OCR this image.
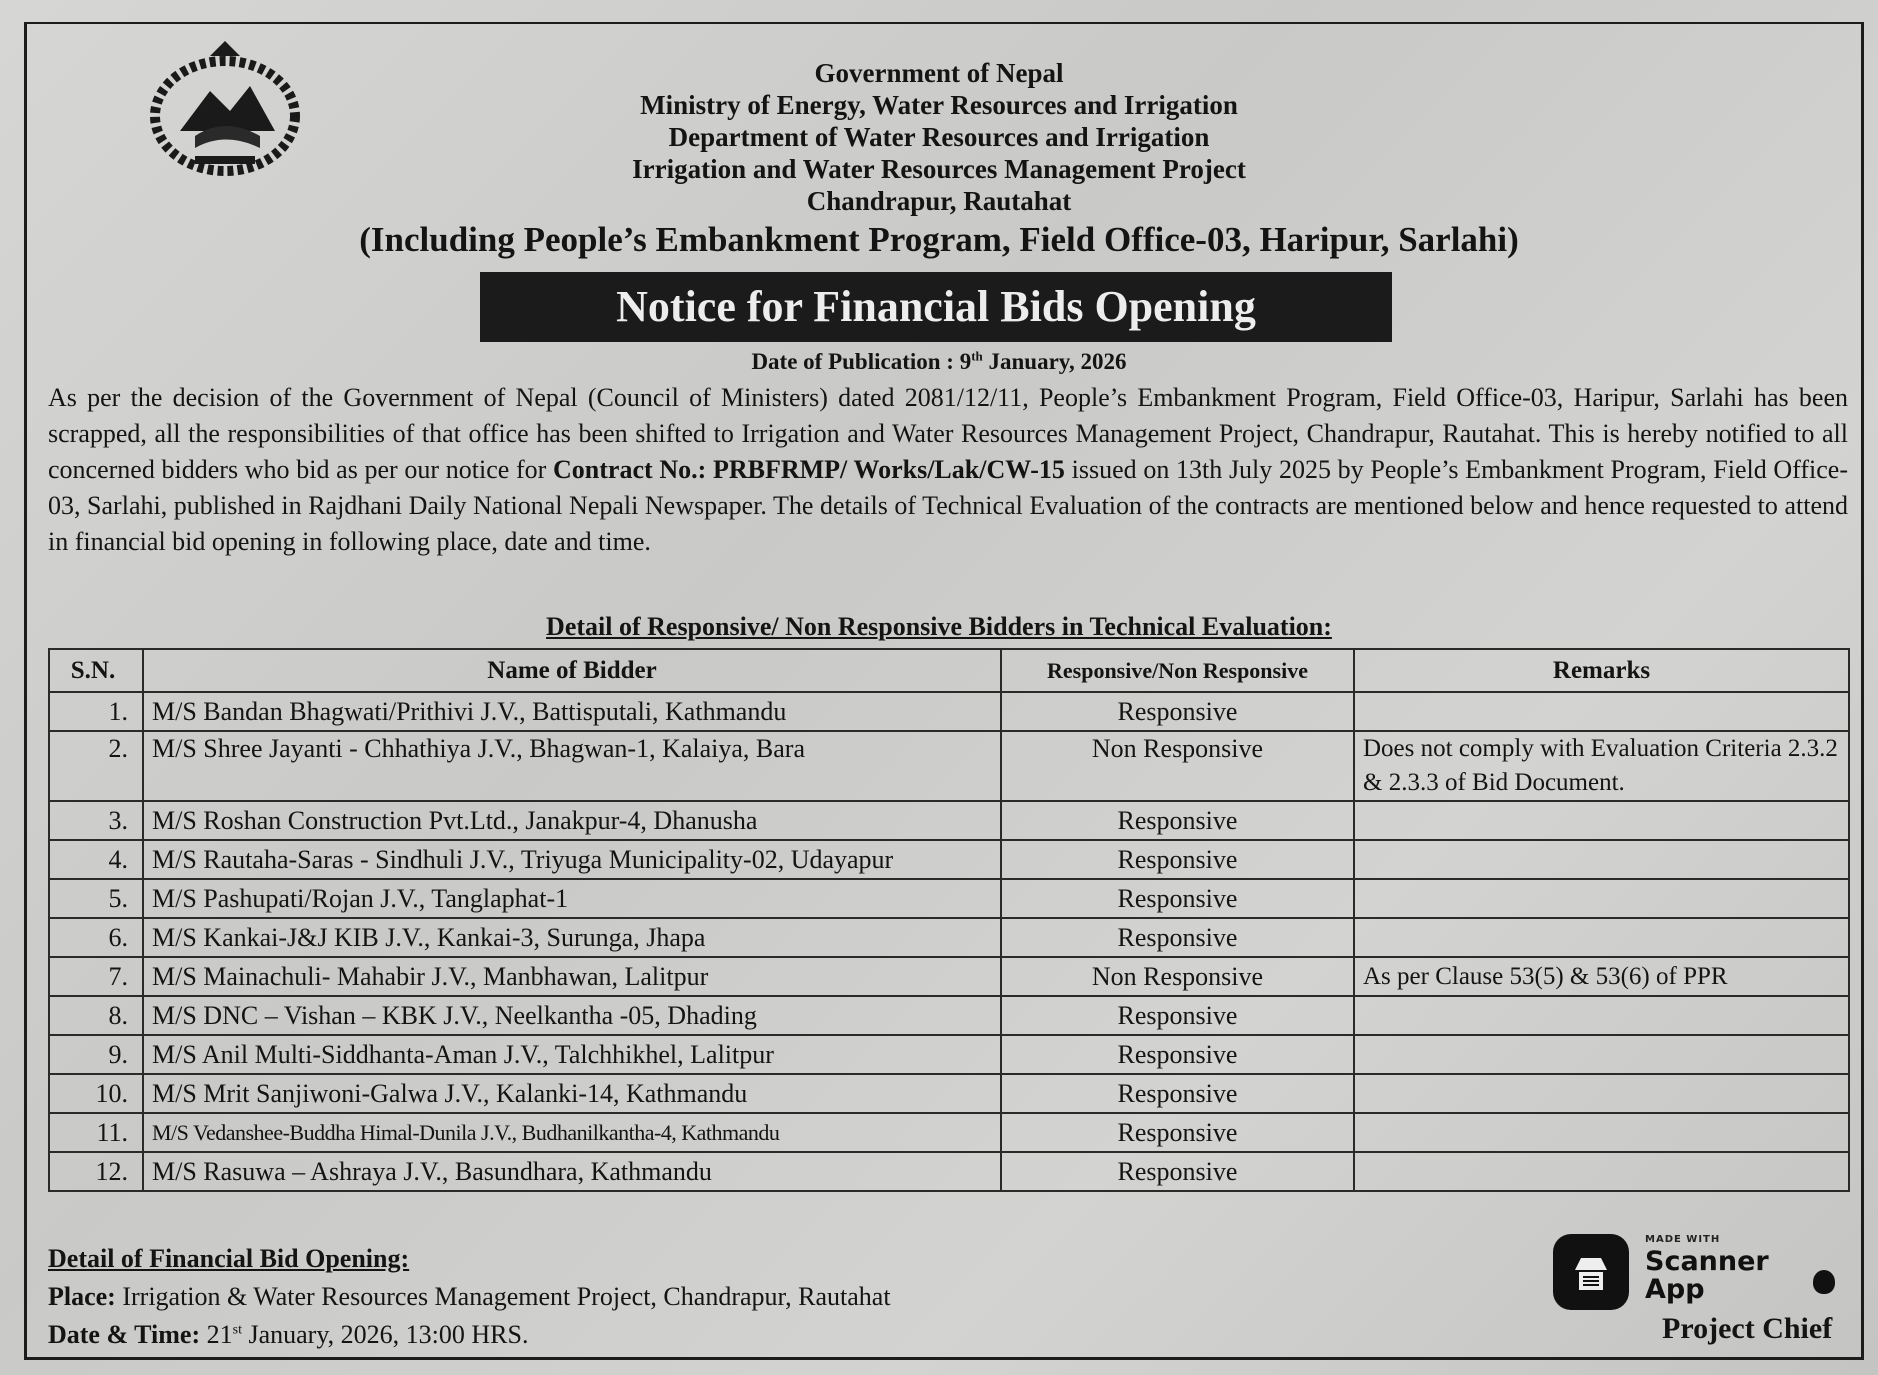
Government of Nepal
Ministry of Energy, Water Resources and Irrigation
Department of Water Resources and Irrigation
Irrigation and Water Resources Management Project
Chandrapur, Rautahat
(Including People’s Embankment Program, Field Office-03, Haripur, Sarlahi)
Notice for Financial Bids Opening
Date of Publication : 9th January, 2026
As per the decision of the Government of Nepal (Council of Ministers) dated 2081/12/11, People’s Embankment Program, Field Office-03, Haripur, Sarlahi has been scrapped, all the responsibilities of that office has been shifted to Irrigation and Water Resources Management Project, Chandrapur, Rautahat. This is hereby notified to all concerned bidders who bid as per our notice for Contract No.: PRBFRMP/ Works/Lak/CW-15 issued on 13th July 2025 by People’s Embankment Program, Field Office-03, Sarlahi, published in Rajdhani Daily National Nepali Newspaper. The details of Technical Evaluation of the contracts are mentioned below and hence requested to attend in financial bid opening in following place, date and time.
Detail of Responsive/ Non Responsive Bidders in Technical Evaluation:
S.N.	Name of Bidder	Responsive/Non Responsive	Remarks
1.	M/S Bandan Bhagwati/Prithivi J.V., Battisputali, Kathmandu	Responsive	
2.	M/S Shree Jayanti - Chhathiya J.V., Bhagwan-1, Kalaiya, Bara	Non Responsive	Does not comply with Evaluation Criteria 2.3.2 & 2.3.3 of Bid Document.
3.	M/S Roshan Construction Pvt.Ltd., Janakpur-4, Dhanusha	Responsive	
4.	M/S Rautaha-Saras - Sindhuli J.V., Triyuga Municipality-02, Udayapur	Responsive	
5.	M/S Pashupati/Rojan J.V., Tanglaphat-1	Responsive	
6.	M/S Kankai-J&J KIB J.V., Kankai-3, Surunga, Jhapa	Responsive	
7.	M/S Mainachuli- Mahabir J.V., Manbhawan, Lalitpur	Non Responsive	As per Clause 53(5) & 53(6) of PPR
8.	M/S DNC – Vishan – KBK J.V., Neelkantha -05, Dhading	Responsive	
9.	M/S Anil Multi-Siddhanta-Aman J.V., Talchhikhel, Lalitpur	Responsive	
10.	M/S Mrit Sanjiwoni-Galwa J.V., Kalanki-14, Kathmandu	Responsive	
11.	M/S Vedanshee-Buddha Himal-Dunila J.V., Budhanilkantha-4, Kathmandu	Responsive	
12.	M/S Rasuwa – Ashraya J.V., Basundhara, Kathmandu	Responsive	
Detail of Financial Bid Opening:
Place: Irrigation & Water Resources Management Project, Chandrapur, Rautahat
Date & Time: 21st January, 2026, 13:00 HRS.
MADE WITH
Scanner App
Project Chief
